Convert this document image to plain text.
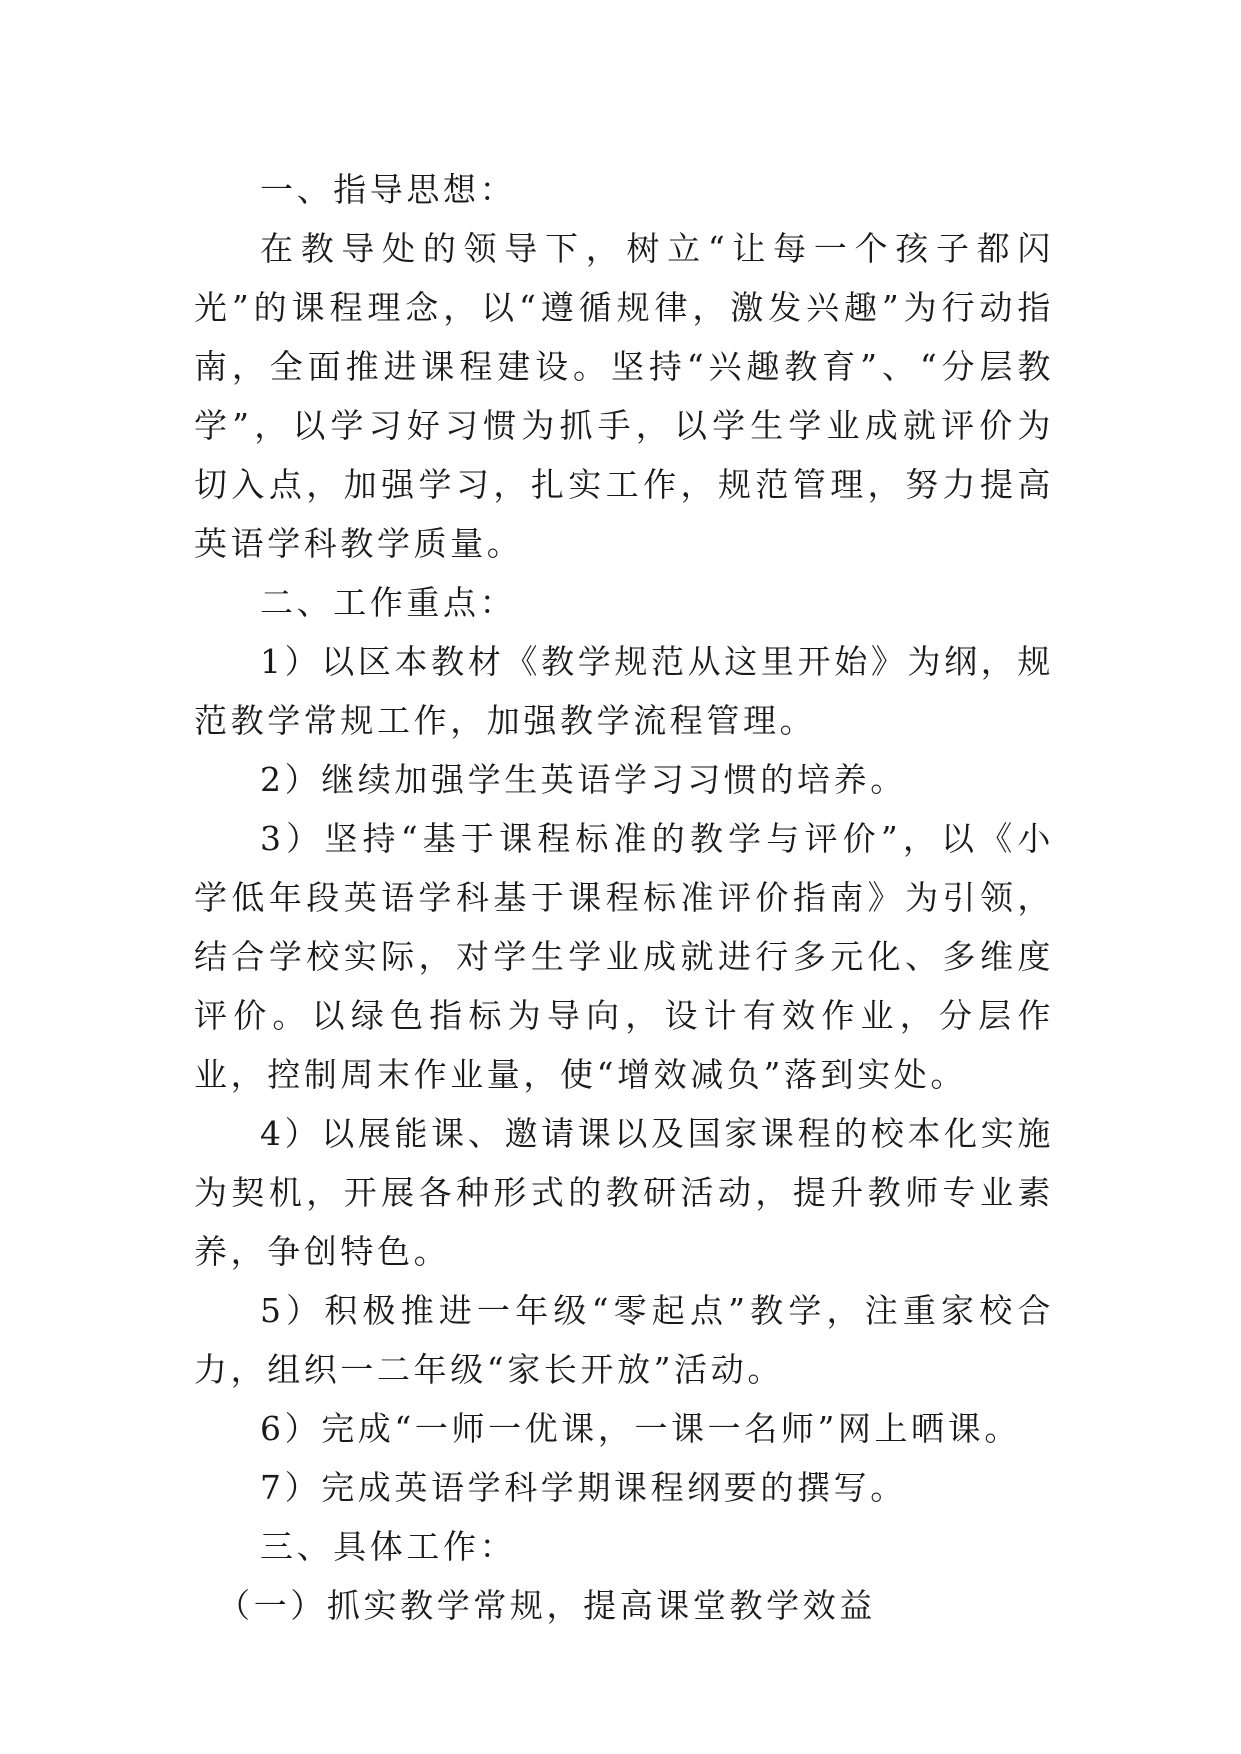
一、指导思想：

在教导处的领导下，树立“让每一个孩子都闪光”的课程理念，以“遵循规律，激发兴趣”为行动指南，全面推进课程建设。坚持“兴趣教育”、“分层教学”，以学习好习惯为抓手，以学生学业成就评价为切入点，加强学习，扎实工作，规范管理，努力提高英语学科教学质量。

二、工作重点：

1）以区本教材《教学规范从这里开始》为纲，规范教学常规工作，加强教学流程管理。

2）继续加强学生英语学习习惯的培养。

3）坚持“基于课程标准的教学与评价”，以《小学低年段英语学科基于课程标准评价指南》为引领，结合学校实际，对学生学业成就进行多元化、多维度评价。以绿色指标为导向，设计有效作业，分层作业，控制周末作业量，使“增效减负”落到实处。

4）以展能课、邀请课以及国家课程的校本化实施为契机，开展各种形式的教研活动，提升教师专业素养，争创特色。

5）积极推进一年级“零起点”教学，注重家校合力，组织一二年级“家长开放”活动。

6）完成“一师一优课，一课一名师”网上晒课。

7）完成英语学科学期课程纲要的撰写。

三、具体工作：

（一）抓实教学常规，提高课堂教学效益
